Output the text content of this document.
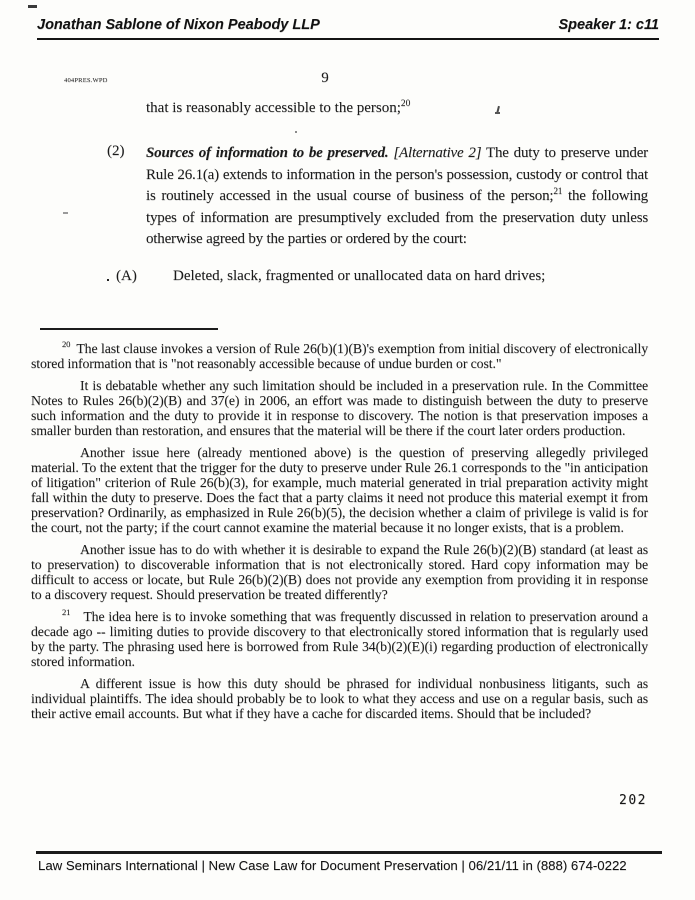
Jonathan Sablone of Nixon Peabody LLP	Speaker 1: c11
404PRES.WPD	9
that is reasonably accessible to the person;$^{20}$
(2)	Sources of information to be preserved. [Alternative 2] The duty to preserve under Rule 26.1(a) extends to information in the person's possession, custody or control that is routinely accessed in the usual course of business of the person;$^{21}$ the following types of information are presumptively excluded from the preservation duty unless otherwise agreed by the parties or ordered by the court:
(A)	Deleted, slack, fragmented or unallocated data on hard drives;

$^{20}$ The last clause invokes a version of Rule 26(b)(1)(B)'s exemption from initial discovery of electronically stored information that is "not reasonably accessible because of undue burden or cost."

It is debatable whether any such limitation should be included in a preservation rule. In the Committee Notes to Rules 26(b)(2)(B) and 37(e) in 2006, an effort was made to distinguish between the duty to preserve such information and the duty to provide it in response to discovery. The notion is that preservation imposes a smaller burden than restoration, and ensures that the material will be there if the court later orders production.

Another issue here (already mentioned above) is the question of preserving allegedly privileged material. To the extent that the trigger for the duty to preserve under Rule 26.1 corresponds to the "in anticipation of litigation" criterion of Rule 26(b)(3), for example, much material generated in trial preparation activity might fall within the duty to preserve. Does the fact that a party claims it need not produce this material exempt it from preservation? Ordinarily, as emphasized in Rule 26(b)(5), the decision whether a claim of privilege is valid is for the court, not the party; if the court cannot examine the material because it no longer exists, that is a problem.

Another issue has to do with whether it is desirable to expand the Rule 26(b)(2)(B) standard (at least as to preservation) to discoverable information that is not electronically stored. Hard copy information may be difficult to access or locate, but Rule 26(b)(2)(B) does not provide any exemption from providing it in response to a discovery request. Should preservation be treated differently?

$^{21}$ The idea here is to invoke something that was frequently discussed in relation to preservation around a decade ago -- limiting duties to provide discovery to that electronically stored information that is regularly used by the party. The phrasing used here is borrowed from Rule 34(b)(2)(E)(i) regarding production of electronically stored information.

A different issue is how this duty should be phrased for individual nonbusiness litigants, such as individual plaintiffs. The idea should probably be to look to what they access and use on a regular basis, such as their active email accounts. But what if they have a cache for discarded items. Should that be included?

202
Law Seminars International | New Case Law for Document Preservation | 06/21/11 in (888) 674-0222
